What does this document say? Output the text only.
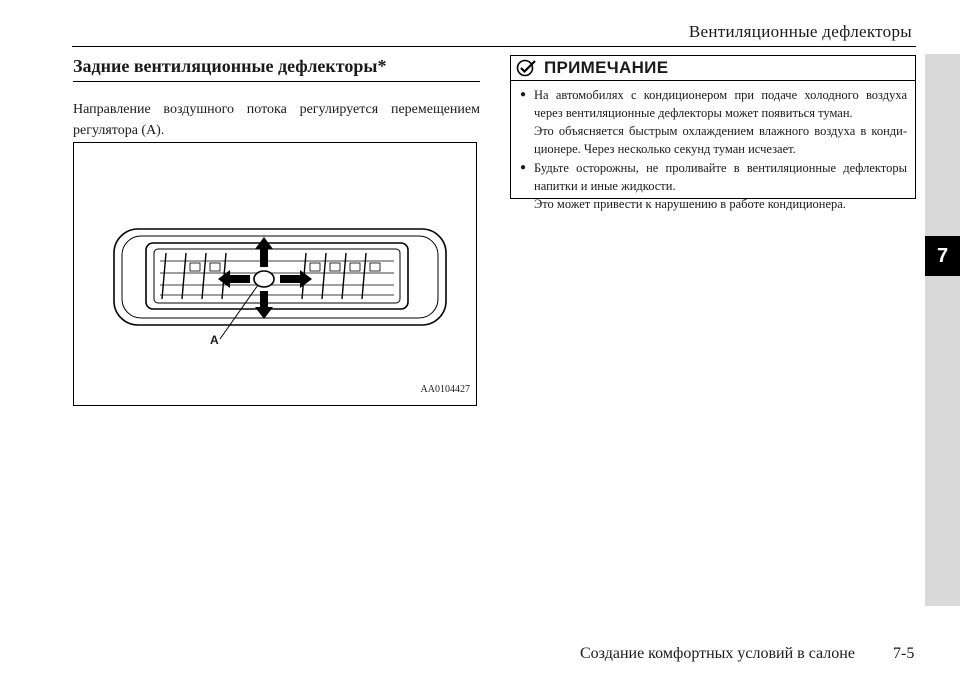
Вентиляционные дефлекторы
7
Задние вентиляционные дефлекторы*
Направление воздушного потока регулируется перемещением регулятора (А).
A
AA0104427
ПРИМЕЧАНИЕ
● На автомобилях с кондиционером при подаче холодного воздуха через вентиляционные дефлекторы может появиться туман.

Это объясняется быстрым охлаждением влажного воздуха в конди-ционере. Через несколько секунд туман исчезает.

● Будьте осторожны, не проливайте в вентиляционные дефлекторы напитки и иные жидкости.

Это может привести к нарушению в работе кондиционера.

Создание комфортных условий в салоне 7-5
